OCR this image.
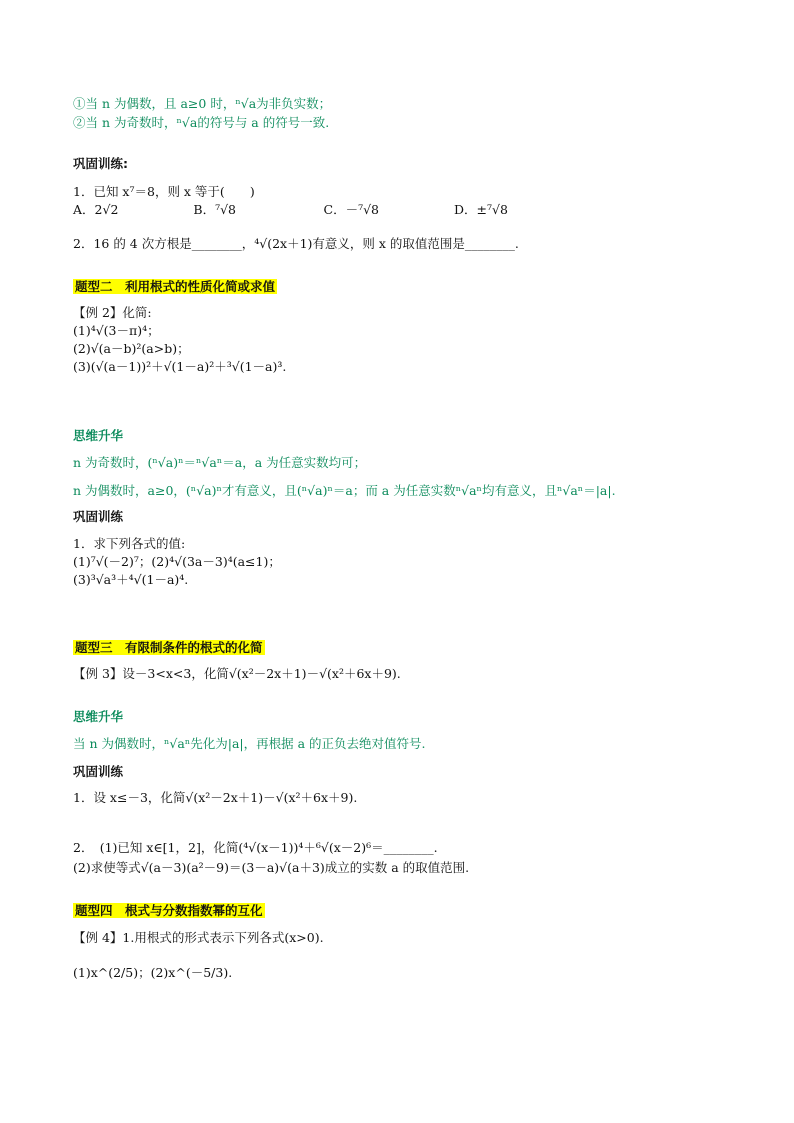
①当 n 为偶数，且 a≥0 时，ⁿ√a为非负实数；
②当 n 为奇数时，ⁿ√a的符号与 a 的符号一致.
巩固训练:
1．已知 x⁷＝8，则 x 等于(　　)
A．2√2　　　　　　B．⁷√8　　　　　　　C．－⁷√8　　　　　　D．±⁷√8
2．16 的 4 次方根是________，⁴√(2x＋1)有意义，则 x 的取值范围是________.
题型二　利用根式的性质化简或求值
【例 2】化简:
(1)⁴√(3－π)⁴；
(2)√(a－b)²(a>b)；
(3)(√(a－1))²＋√(1－a)²＋³√(1－a)³.
思维升华
n 为奇数时，(ⁿ√a)ⁿ＝ⁿ√aⁿ＝a，a 为任意实数均可；
n 为偶数时，a≥0，(ⁿ√a)ⁿ才有意义，且(ⁿ√a)ⁿ＝a；而 a 为任意实数ⁿ√aⁿ均有意义，且ⁿ√aⁿ＝|a|.
巩固训练
1．求下列各式的值:
(1)⁷√(－2)⁷；(2)⁴√(3a－3)⁴(a≤1)；
(3)³√a³＋⁴√(1－a)⁴.
题型三　有限制条件的根式的化简
【例 3】设－3<x<3，化简√(x²－2x＋1)－√(x²＋6x＋9).
思维升华
当 n 为偶数时，ⁿ√aⁿ先化为|a|，再根据 a 的正负去绝对值符号.
巩固训练
1．设 x≤－3，化简√(x²－2x＋1)－√(x²＋6x＋9).
2．　(1)已知 x∈[1，2]，化简(⁴√(x－1))⁴＋⁶√(x－2)⁶＝________.
(2)求使等式√(a－3)(a²－9)＝(3－a)√(a＋3)成立的实数 a 的取值范围.
题型四　根式与分数指数幂的互化
【例 4】1.用根式的形式表示下列各式(x>0).
(1)x^(2/5)；(2)x^(－5/3).
